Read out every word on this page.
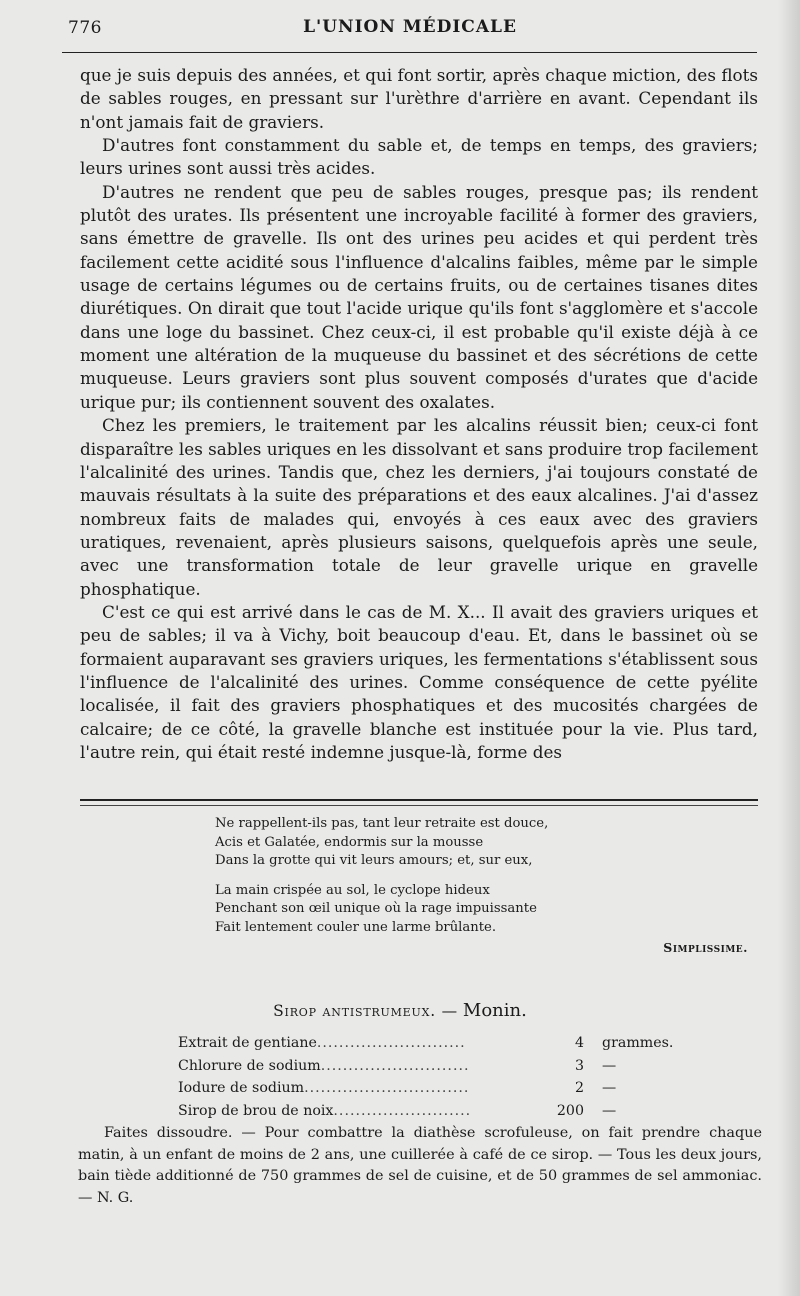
776	L'UNION MÉDICALE

que je suis depuis des années, et qui font sortir, après chaque miction, des flots de sables rouges, en pressant sur l'urèthre d'arrière en avant. Cependant ils n'ont jamais fait de graviers.

D'autres font constamment du sable et, de temps en temps, des graviers; leurs urines sont aussi très acides.

D'autres ne rendent que peu de sables rouges, presque pas; ils rendent plutôt des urates. Ils présentent une incroyable facilité à former des graviers, sans émettre de gravelle. Ils ont des urines peu acides et qui perdent très facilement cette acidité sous l'influence d'alcalins faibles, même par le simple usage de certains légumes ou de certains fruits, ou de certaines tisanes dites diurétiques. On dirait que tout l'acide urique qu'ils font s'agglomère et s'accole dans une loge du bassinet. Chez ceux-ci, il est probable qu'il existe déjà à ce moment une altération de la muqueuse du bassinet et des sécrétions de cette muqueuse. Leurs graviers sont plus souvent composés d'urates que d'acide urique pur; ils contiennent souvent des oxalates.

Chez les premiers, le traitement par les alcalins réussit bien; ceux-ci font disparaître les sables uriques en les dissolvant et sans produire trop facilement l'alcalinité des urines. Tandis que, chez les derniers, j'ai toujours constaté de mauvais résultats à la suite des préparations et des eaux alcalines. J'ai d'assez nombreux faits de malades qui, envoyés à ces eaux avec des graviers uratiques, revenaient, après plusieurs saisons, quelquefois après une seule, avec une transformation totale de leur gravelle urique en gravelle phosphatique.

C'est ce qui est arrivé dans le cas de M. X... Il avait des graviers uriques et peu de sables; il va à Vichy, boit beaucoup d'eau. Et, dans le bassinet où se formaient auparavant ses graviers uriques, les fermentations s'établissent sous l'influence de l'alcalinité des urines. Comme conséquence de cette pyélite localisée, il fait des graviers phosphatiques et des mucosités chargées de calcaire; de ce côté, la gravelle blanche est instituée pour la vie. Plus tard, l'autre rein, qui était resté indemne jusque-là, forme des

Ne rappellent-ils pas, tant leur retraite est douce,
Acis et Galatée, endormis sur la mousse
Dans la grotte qui vit leurs amours; et, sur eux,
La main crispée au sol, le cyclope hideux
Penchant son œil unique où la rage impuissante
Fait lentement couler une larme brûlante.
Simplissime.
Sirop antistrumeux. — Monin.
Extrait de gentiane...........................	4 grammes.
Chlorure de sodium...........................	3 —
Iodure de sodium..............................	2 —
Sirop de brou de noix.........................	200 —

Faites dissoudre. — Pour combattre la diathèse scrofuleuse, on fait prendre chaque matin, à un enfant de moins de 2 ans, une cuillerée à café de ce sirop. — Tous les deux jours, bain tiède additionné de 750 grammes de sel de cuisine, et de 50 grammes de sel ammoniac. — N. G.
